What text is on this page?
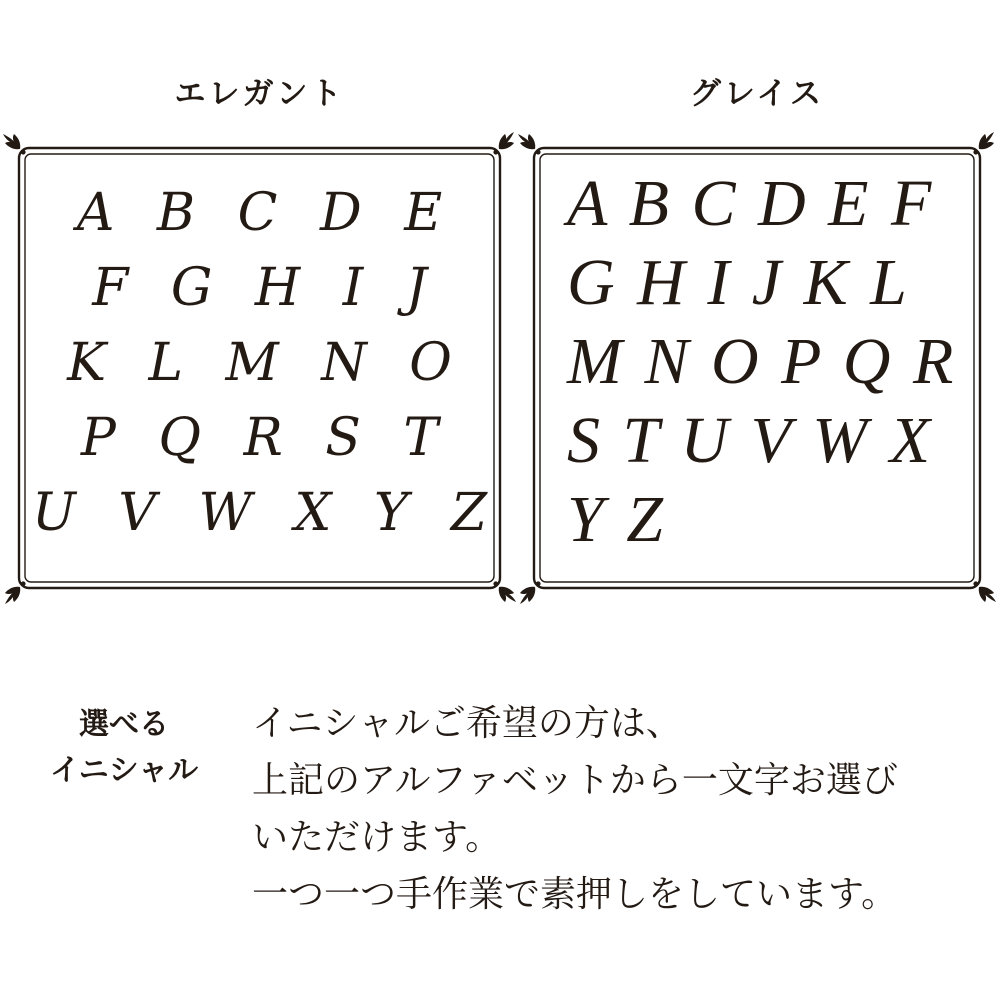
エレガント	グレイス
A B C D E
F G H I J
K L M N O
P Q R S T
U V W X Y Z
A B C D E F
G H I J K L
M N O P Q R
S T U V W X
Y Z
選べる
イニシャル
イニシャルご希望の方は、
上記のアルファベットから一文字お選び
いただけます。
一つ一つ手作業で素押しをしています。
